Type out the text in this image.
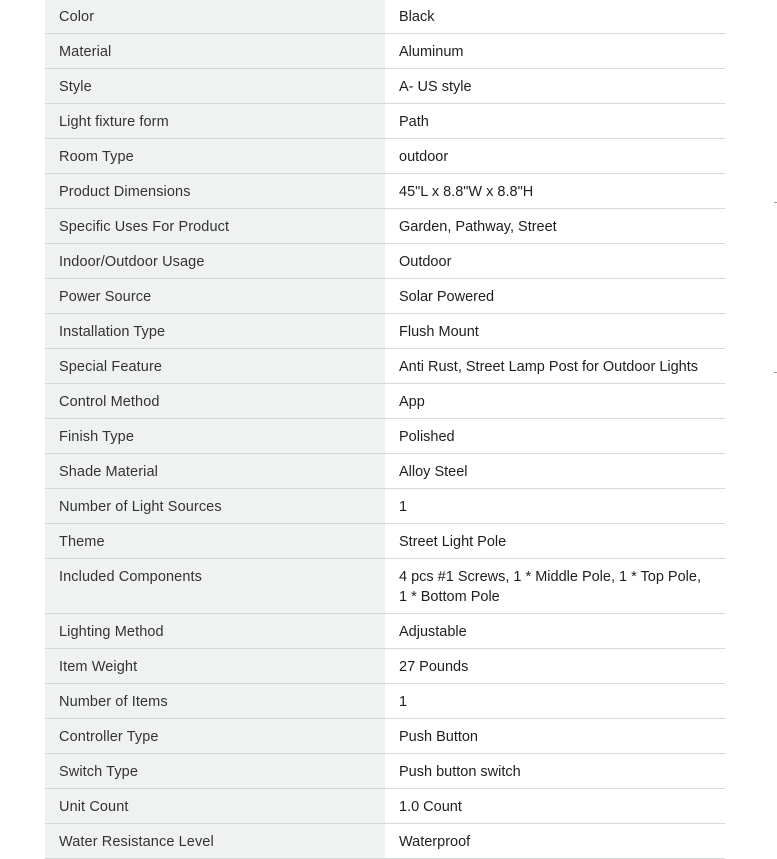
Color	Black
Material	Aluminum
Style	A- US style
Light fixture form	Path
Room Type	outdoor
Product Dimensions	45"L x 8.8"W x 8.8"H
Specific Uses For Product	Garden, Pathway, Street
Indoor/Outdoor Usage	Outdoor
Power Source	Solar Powered
Installation Type	Flush Mount
Special Feature	Anti Rust, Street Lamp Post for Outdoor Lights
Control Method	App
Finish Type	Polished
Shade Material	Alloy Steel
Number of Light Sources	1
Theme	Street Light Pole
Included Components	4 pcs #1 Screws, 1 * Middle Pole, 1 * Top Pole, 1 * Bottom Pole
Lighting Method	Adjustable
Item Weight	27 Pounds
Number of Items	1
Controller Type	Push Button
Switch Type	Push button switch
Unit Count	1.0 Count
Water Resistance Level	Waterproof
